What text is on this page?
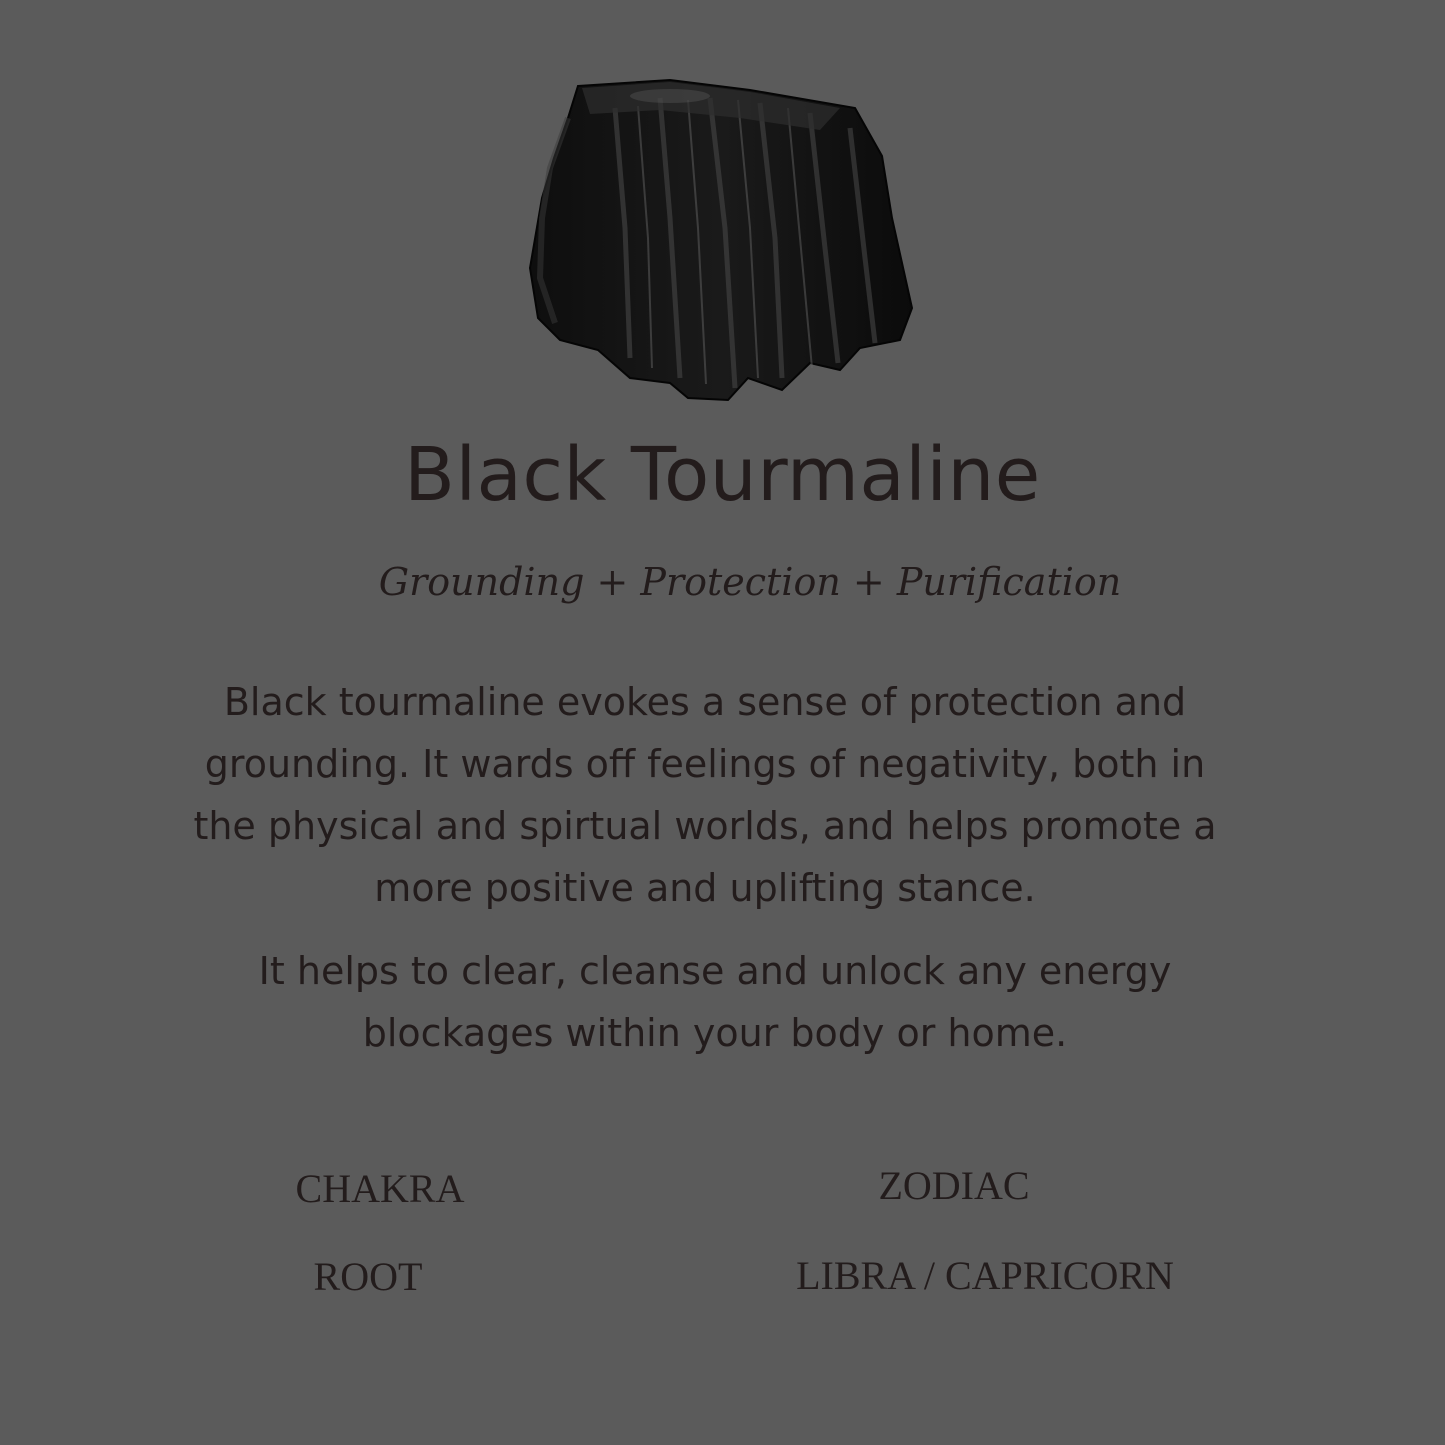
Black Tourmaline
Grounding + Protection + Purification
Black tourmaline evokes a sense of protection and grounding. It wards off feelings of negativity, both in the physical and spirtual worlds, and helps promote a more positive and uplifting stance.
It helps to clear, cleanse and unlock any energy blockages within your body or home.
CHAKRA
ROOT
ZODIAC
LIBRA / CAPRICORN
